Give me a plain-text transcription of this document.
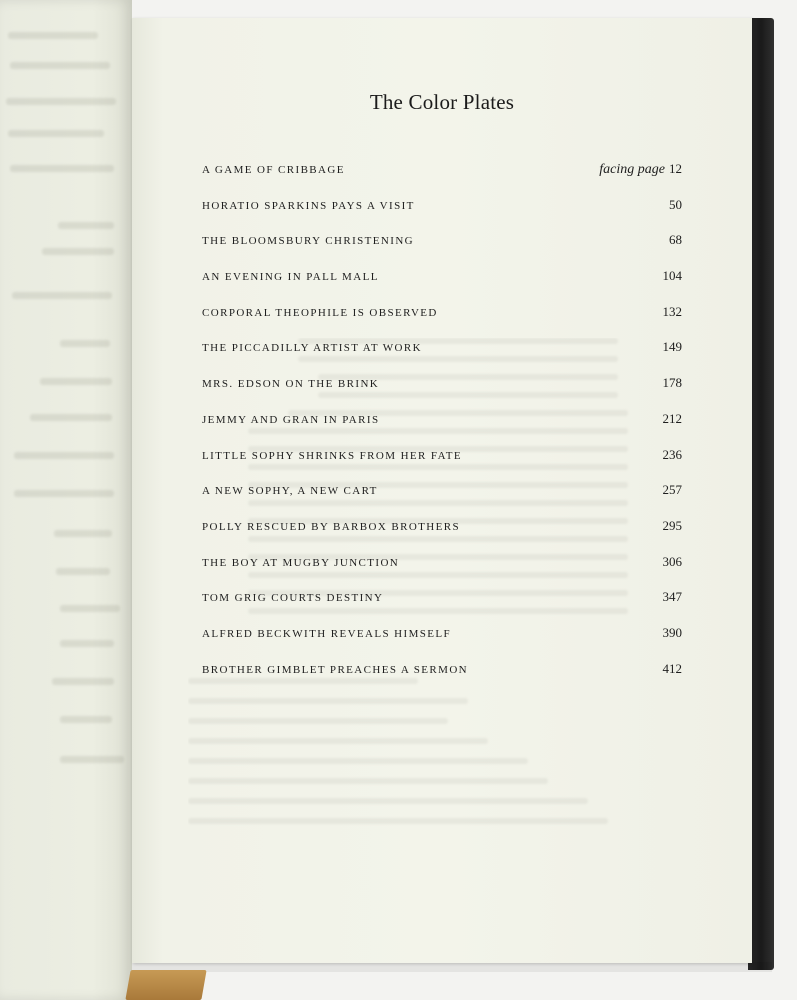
The Color Plates
A GAME OF CRIBBAGE	facing page 12
HORATIO SPARKINS PAYS A VISIT	50
THE BLOOMSBURY CHRISTENING	68
AN EVENING IN PALL MALL	104
CORPORAL THEOPHILE IS OBSERVED	132
THE PICCADILLY ARTIST AT WORK	149
MRS. EDSON ON THE BRINK	178
JEMMY AND GRAN IN PARIS	212
LITTLE SOPHY SHRINKS FROM HER FATE	236
A NEW SOPHY, A NEW CART	257
POLLY RESCUED BY BARBOX BROTHERS	295
THE BOY AT MUGBY JUNCTION	306
TOM GRIG COURTS DESTINY	347
ALFRED BECKWITH REVEALS HIMSELF	390
BROTHER GIMBLET PREACHES A SERMON	412
